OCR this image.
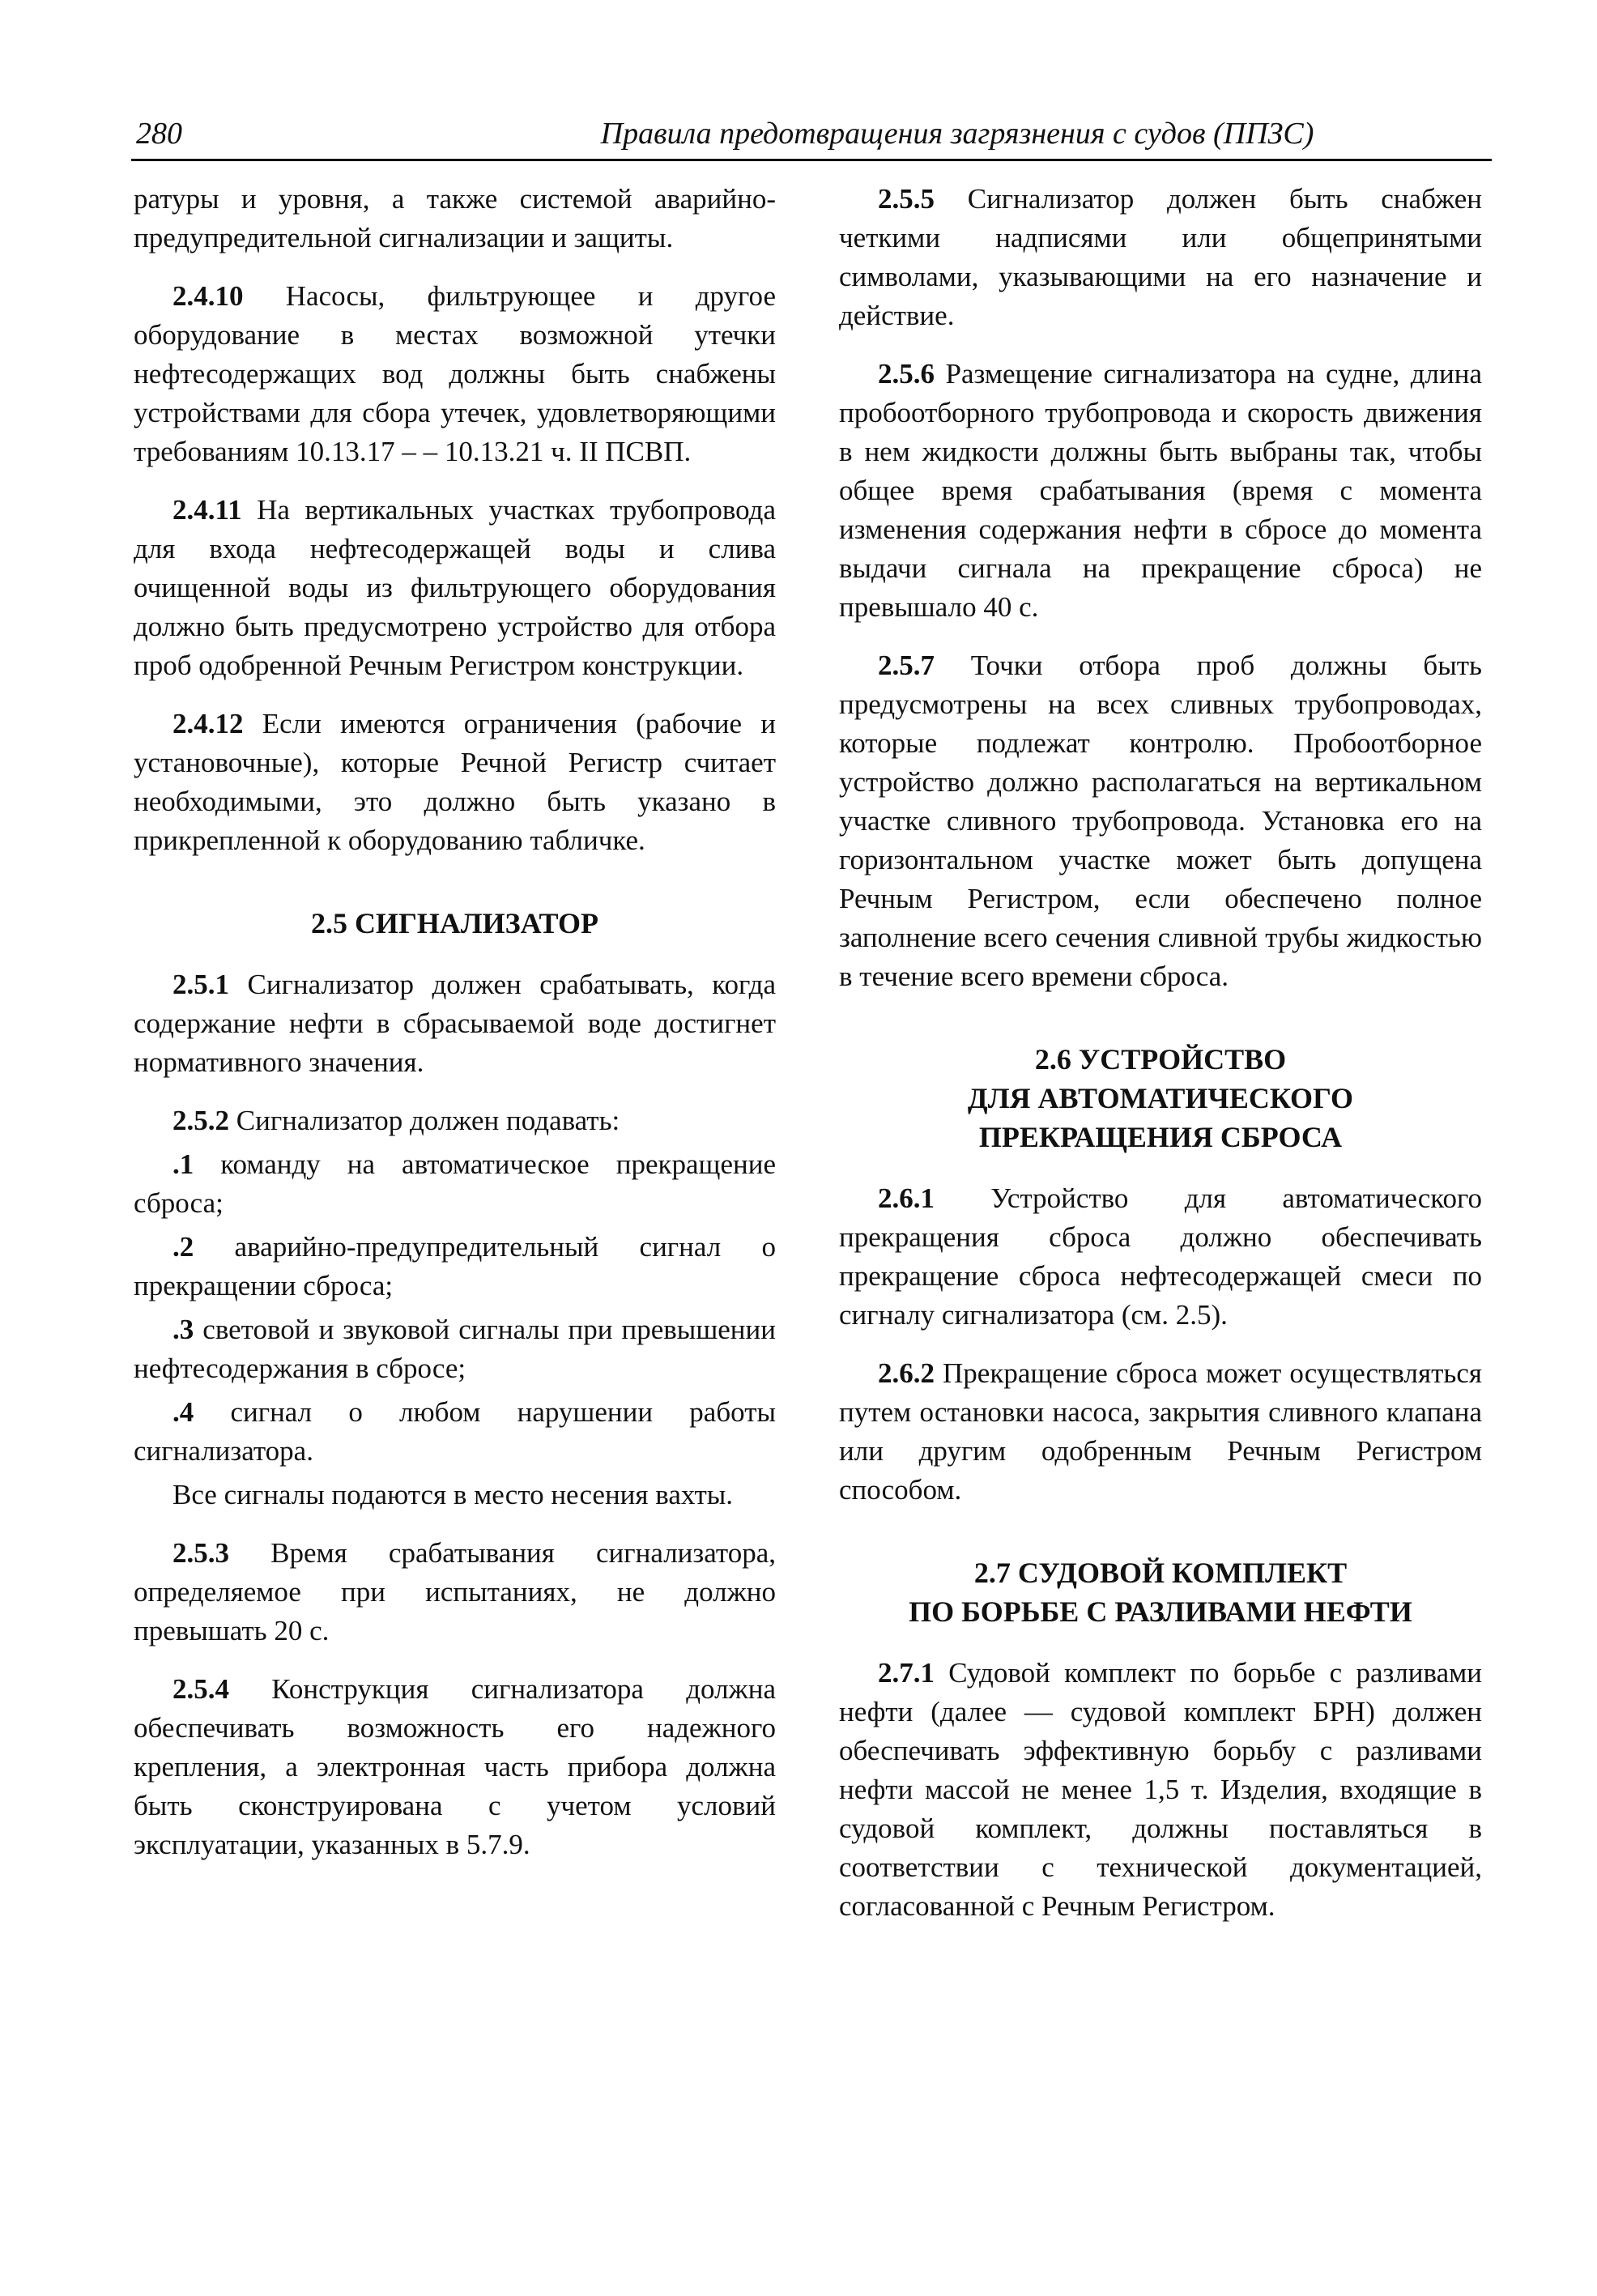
280	Правила предотвращения загрязнения с судов (ППЗС)

ратуры и уровня, а также системой аварийно-предупредительной сигнализации и защиты.

2.4.10 Насосы, фильтрующее и другое оборудование в местах возможной утечки нефтесодержащих вод должны быть снабжены устройствами для сбора утечек, удовлетворяющими требованиям 10.13.17 – – 10.13.21 ч. II ПСВП.

2.4.11 На вертикальных участках трубопровода для входа нефтесодержащей воды и слива очищенной воды из фильтрующего оборудования должно быть предусмотрено устройство для отбора проб одобренной Речным Регистром конструкции.

2.4.12 Если имеются ограничения (рабочие и установочные), которые Речной Регистр считает необходимыми, это должно быть указано в прикрепленной к оборудованию табличке.

2.5 СИГНАЛИЗАТОР

2.5.1 Сигнализатор должен срабатывать, когда содержание нефти в сбрасываемой воде достигнет нормативного значения.

2.5.2 Сигнализатор должен подавать:

.1 команду на автоматическое прекращение сброса;

.2 аварийно-предупредительный сигнал о прекращении сброса;

.3 световой и звуковой сигналы при превышении нефтесодержания в сбросе;

.4 сигнал о любом нарушении работы сигнализатора.

Все сигналы подаются в место несения вахты.

2.5.3 Время срабатывания сигнализатора, определяемое при испытаниях, не должно превышать 20 с.

2.5.4 Конструкция сигнализатора должна обеспечивать возможность его надежного крепления, а электронная часть прибора должна быть сконструирована с учетом условий эксплуатации, указанных в 5.7.9.

2.5.5 Сигнализатор должен быть снабжен четкими надписями или общепринятыми символами, указывающими на его назначение и действие.

2.5.6 Размещение сигнализатора на судне, длина пробоотборного трубопровода и скорость движения в нем жидкости должны быть выбраны так, чтобы общее время срабатывания (время с момента изменения содержания нефти в сбросе до момента выдачи сигнала на прекращение сброса) не превышало 40 с.

2.5.7 Точки отбора проб должны быть предусмотрены на всех сливных трубопроводах, которые подлежат контролю. Пробоотборное устройство должно располагаться на вертикальном участке сливного трубопровода. Установка его на горизонтальном участке может быть допущена Речным Регистром, если обеспечено полное заполнение всего сечения сливной трубы жидкостью в течение всего времени сброса.

2.6 УСТРОЙСТВО
ДЛЯ АВТОМАТИЧЕСКОГО
ПРЕКРАЩЕНИЯ СБРОСА

2.6.1 Устройство для автоматического прекращения сброса должно обеспечивать прекращение сброса нефтесодержащей смеси по сигналу сигнализатора (см. 2.5).

2.6.2 Прекращение сброса может осуществляться путем остановки насоса, закрытия сливного клапана или другим одобренным Речным Регистром способом.

2.7 СУДОВОЙ КОМПЛЕКТ
ПО БОРЬБЕ С РАЗЛИВАМИ НЕФТИ

2.7.1 Судовой комплект по борьбе с разливами нефти (далее — судовой комплект БРН) должен обеспечивать эффективную борьбу с разливами нефти массой не менее 1,5 т. Изделия, входящие в судовой комплект, должны поставляться в соответствии с технической документацией, согласованной с Речным Регистром.
